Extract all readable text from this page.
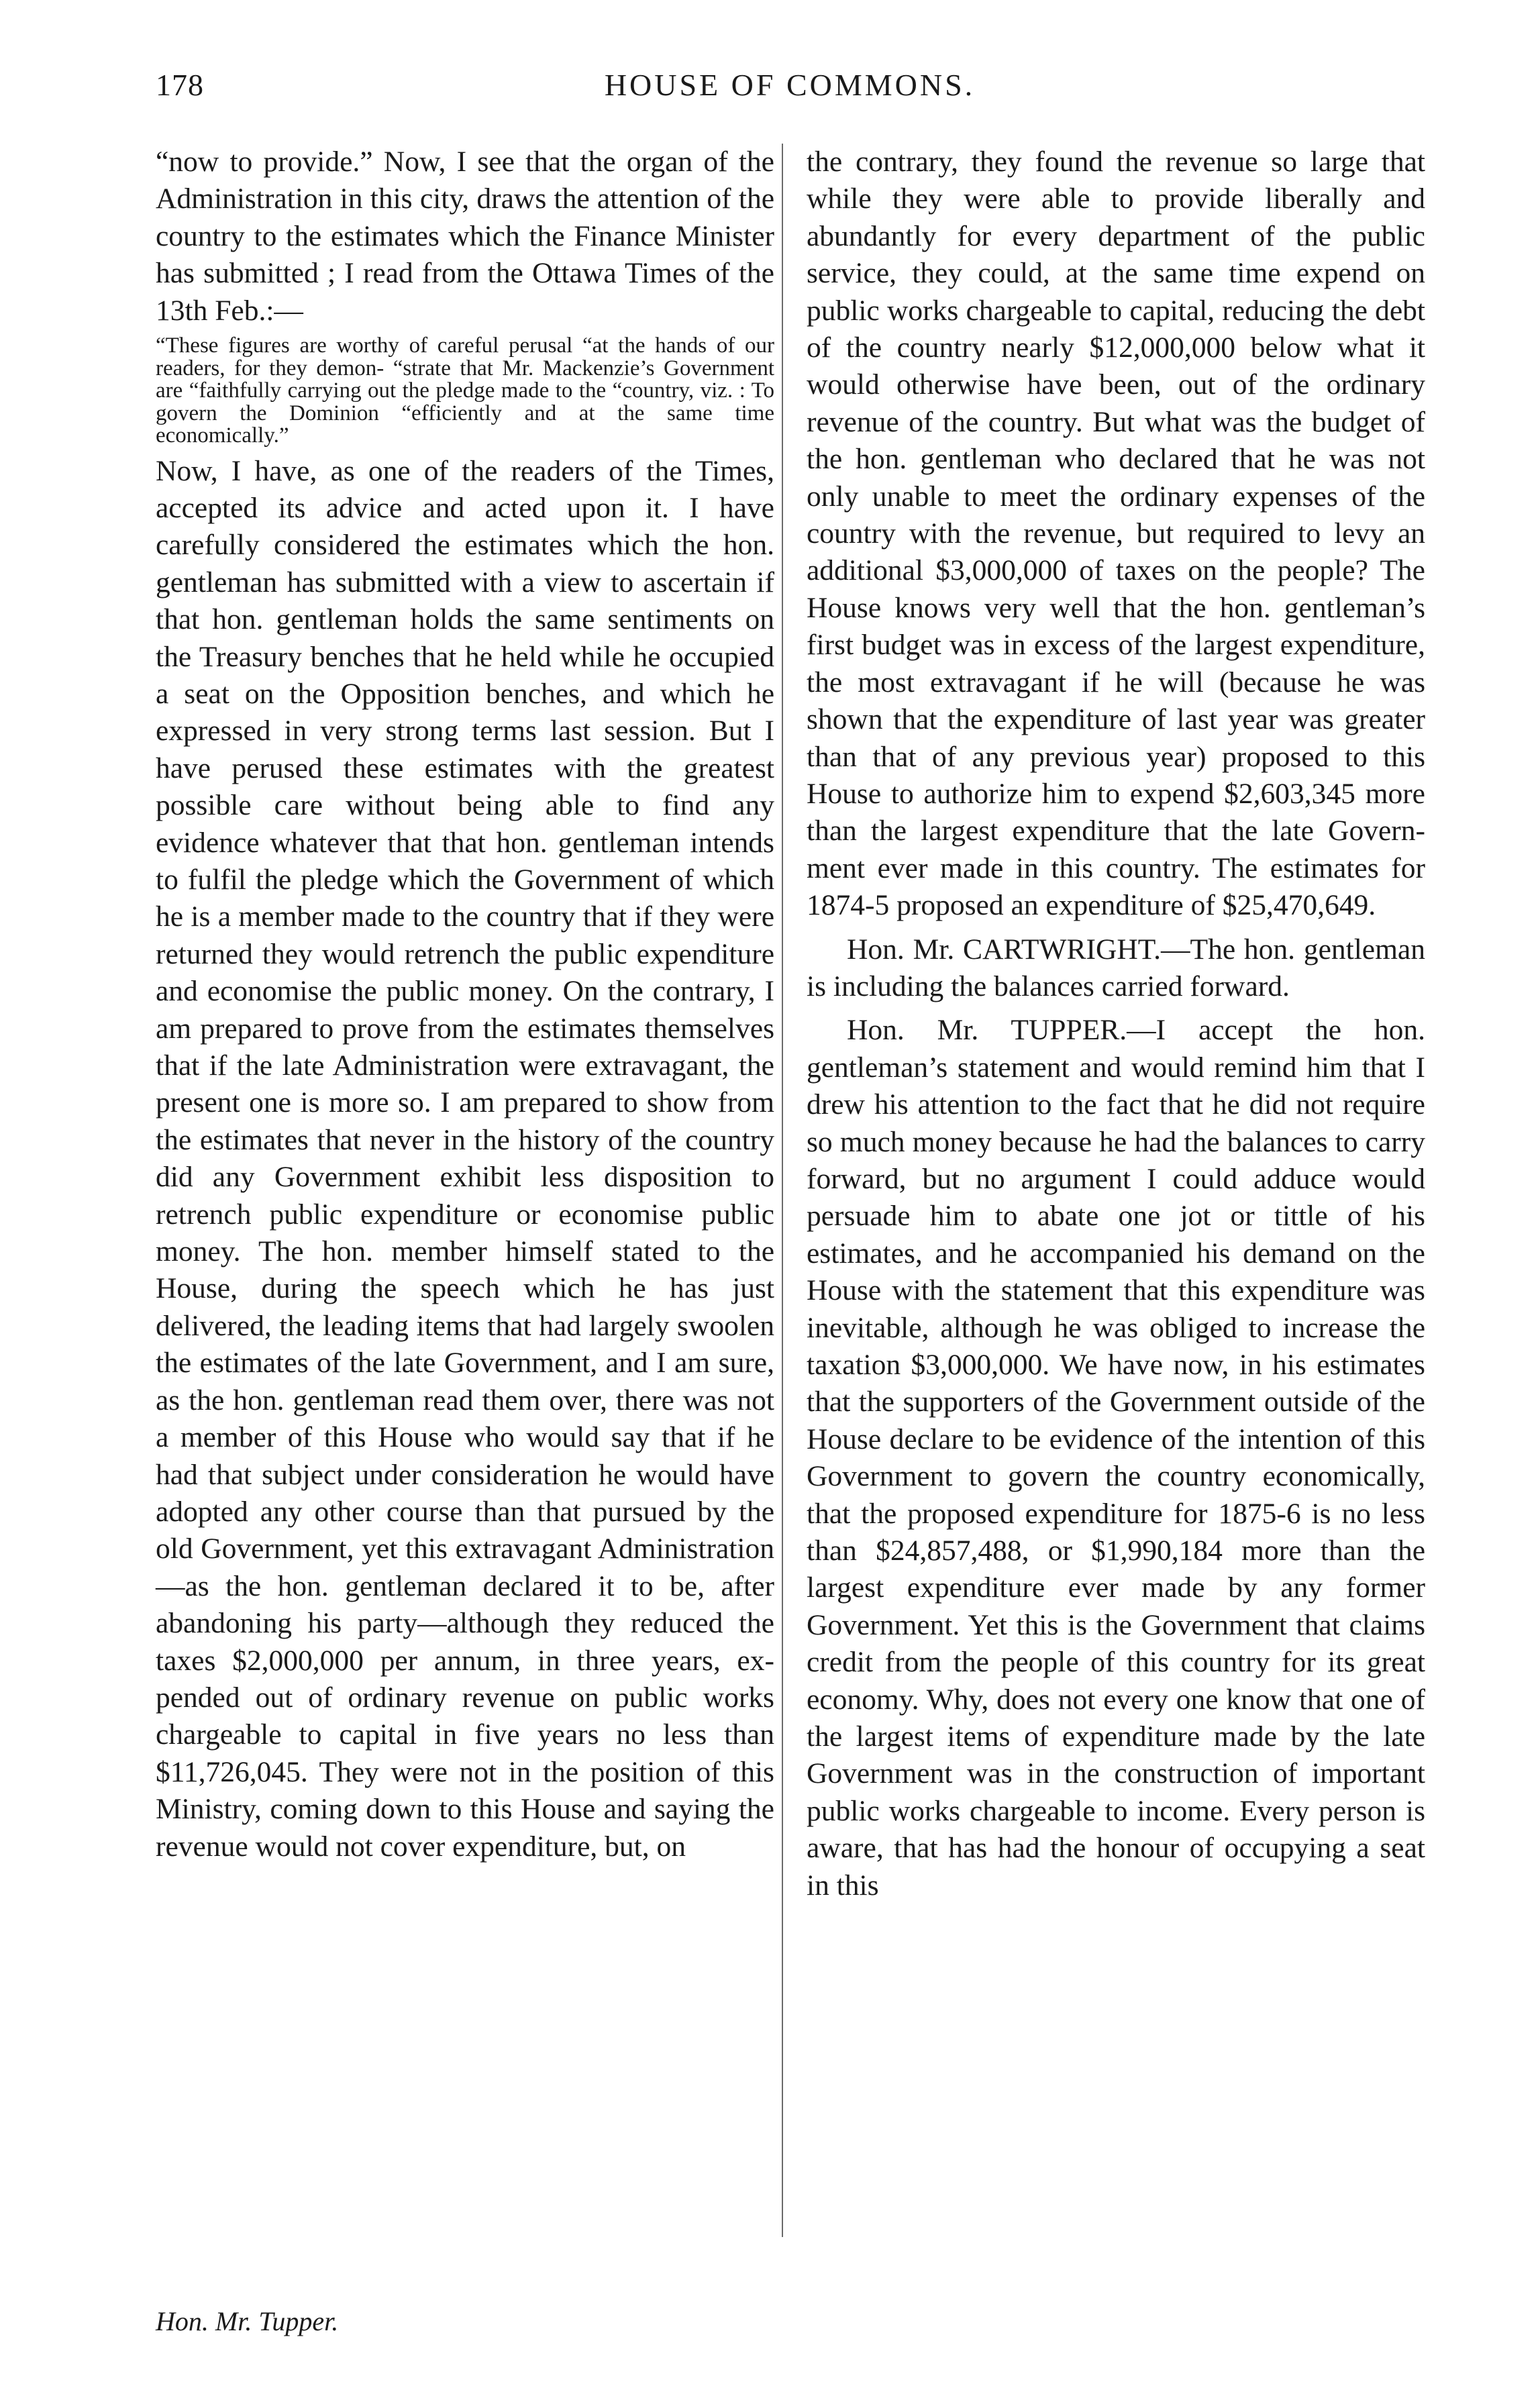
178	HOUSE OF COMMONS.

“now to provide.” Now, I see that the organ of the Administration in this city, draws the attention of the country to the estimates which the Finance Minister has submitted ; I read from the Ottawa Times of the 13th Feb.:—

“These figures are worthy of careful perusal “at the hands of our readers, for they demon- “strate that Mr. Mackenzie’s Government are “faithfully carrying out the pledge made to the “country, viz. : To govern the Dominion “efficiently and at the same time economically.”

Now, I have, as one of the readers of the Times, accepted its advice and acted upon it. I have carefully considered the estimates which the hon. gentleman has submitted with a view to ascertain if that hon. gentleman holds the same sentiments on the Treasury benches that he held while he occupied a seat on the Opposition benches, and which he expressed in very strong terms last session. But I have perused these estimates with the greatest possible care without being able to find any evidence whatever that that hon. gentleman intends to fulfil the pledge which the Government of which he is a member made to the country that if they were returned they would retrench the public expenditure and economise the public money. On the contrary, I am prepared to prove from the estimates themselves that if the late Administration were extravagant, the present one is more so. I am prepared to show from the estimates that never in the history of the country did any Government exhibit less disposition to retrench public expenditure or economise public money. The hon. member himself stated to the House, during the speech which he has just delivered, the leading items that had largely swoolen the estimates of the late Government, and I am sure, as the hon. gentleman read them over, there was not a member of this House who would say that if he had that subject under consideration he would have adopted any other course than that pursued by the old Government, yet this extravagant Administration—as the hon. gentleman declared it to be, after abandoning his party—although they reduced the taxes $2,000,000 per annum, in three years, expended out of ordinary revenue on public works chargeable to capital in five years no less than $11,726,045. They were not in the position of this Ministry, coming down to this House and saying the revenue would not cover expenditure, but, on

the contrary, they found the revenue so large that while they were able to provide liberally and abundantly for every department of the public service, they could, at the same time expend on public works chargeable to capital, reducing the debt of the country nearly $12,000,000 below what it would otherwise have been, out of the ordinary revenue of the country. But what was the budget of the hon. gentleman who declared that he was not only unable to meet the ordinary expenses of the country with the revenue, but required to levy an additional $3,000,000 of taxes on the people? The House knows very well that the hon. gentleman’s first budget was in excess of the largest expenditure, the most extravagant if he will (because he was shown that the expenditure of last year was greater than that of any previous year) proposed to this House to authorize him to expend $2,603,345 more than the largest expenditure that the late Government ever made in this country. The estimates for 1874-5 proposed an expenditure of $25,470,649.

Hon. Mr. CARTWRIGHT.—The hon. gentleman is including the balances carried forward.

Hon. Mr. TUPPER.—I accept the hon. gentleman’s statement and would remind him that I drew his attention to the fact that he did not require so much money because he had the balances to carry forward, but no argument I could adduce would persuade him to abate one jot or tittle of his estimates, and he accompanied his demand on the House with the statement that this expenditure was inevitable, although he was obliged to increase the taxation $3,000,000. We have now, in his estimates that the supporters of the Government outside of the House declare to be evidence of the intention of this Government to govern the country economically, that the proposed expenditure for 1875-6 is no less than $24,857,488, or $1,990,184 more than the largest expenditure ever made by any former Government. Yet this is the Government that claims credit from the people of this country for its great economy. Why, does not every one know that one of the largest items of expenditure made by the late Government was in the construction of important public works chargeable to income. Every person is aware, that has had the honour of occupying a seat in this

Hon. Mr. Tupper.
